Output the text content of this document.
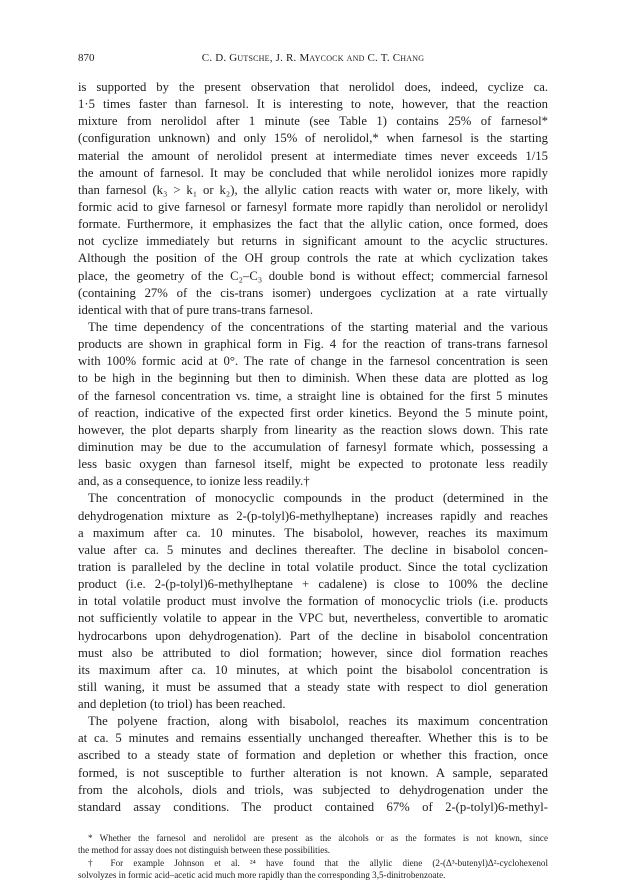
870	C. D. Gutsche, J. R. Maycock and C. T. Chang
is supported by the present observation that nerolidol does, indeed, cyclize ca.
1·5 times faster than farnesol. It is interesting to note, however, that the reaction
mixture from nerolidol after 1 minute (see Table 1) contains 25% of farnesol*
(configuration unknown) and only 15% of nerolidol,* when farnesol is the starting
material the amount of nerolidol present at intermediate times never exceeds 1/15
the amount of farnesol. It may be concluded that while nerolidol ionizes more rapidly
than farnesol (k₃ > k₁ or k₂), the allylic cation reacts with water or, more likely, with
formic acid to give farnesol or farnesyl formate more rapidly than nerolidol or nerolidyl
formate. Furthermore, it emphasizes the fact that the allylic cation, once formed, does
not cyclize immediately but returns in significant amount to the acyclic structures.
Although the position of the OH group controls the rate at which cyclization takes
place, the geometry of the C₂–C₃ double bond is without effect; commercial farnesol
(containing 27% of the cis-trans isomer) undergoes cyclization at a rate virtually
identical with that of pure trans-trans farnesol.
The time dependency of the concentrations of the starting material and the various
products are shown in graphical form in Fig. 4 for the reaction of trans-trans farnesol
with 100% formic acid at 0°. The rate of change in the farnesol concentration is seen
to be high in the beginning but then to diminish. When these data are plotted as log
of the farnesol concentration vs. time, a straight line is obtained for the first 5 minutes
of reaction, indicative of the expected first order kinetics. Beyond the 5 minute point,
however, the plot departs sharply from linearity as the reaction slows down. This rate
diminution may be due to the accumulation of farnesyl formate which, possessing a
less basic oxygen than farnesol itself, might be expected to protonate less readily
and, as a consequence, to ionize less readily.†
The concentration of monocyclic compounds in the product (determined in the
dehydrogenation mixture as 2-(p-tolyl)6-methylheptane) increases rapidly and reaches
a maximum after ca. 10 minutes. The bisabolol, however, reaches its maximum
value after ca. 5 minutes and declines thereafter. The decline in bisabolol concen-
tration is paralleled by the decline in total volatile product. Since the total cyclization
product (i.e. 2-(p-tolyl)6-methylheptane + cadalene) is close to 100% the decline
in total volatile product must involve the formation of monocyclic triols (i.e. products
not sufficiently volatile to appear in the VPC but, nevertheless, convertible to aromatic
hydrocarbons upon dehydrogenation). Part of the decline in bisabolol concentration
must also be attributed to diol formation; however, since diol formation reaches
its maximum after ca. 10 minutes, at which point the bisabolol concentration is
still waning, it must be assumed that a steady state with respect to diol generation
and depletion (to triol) has been reached.
The polyene fraction, along with bisabolol, reaches its maximum concentration
at ca. 5 minutes and remains essentially unchanged thereafter. Whether this is to be
ascribed to a steady state of formation and depletion or whether this fraction, once
formed, is not susceptible to further alteration is not known. A sample, separated
from the alcohols, diols and triols, was subjected to dehydrogenation under the
standard assay conditions. The product contained 67% of 2-(p-tolyl)6-methyl-
* Whether the farnesol and nerolidol are present as the alcohols or as the formates is not known, since
the method for assay does not distinguish between these possibilities.
† For example Johnson et al. ²⁴ have found that the allylic diene (2-(Δ³-butenyl)Δ²-cyclohexenol
solvolyzes in formic acid–acetic acid much more rapidly than the corresponding 3,5-dinitrobenzoate.
